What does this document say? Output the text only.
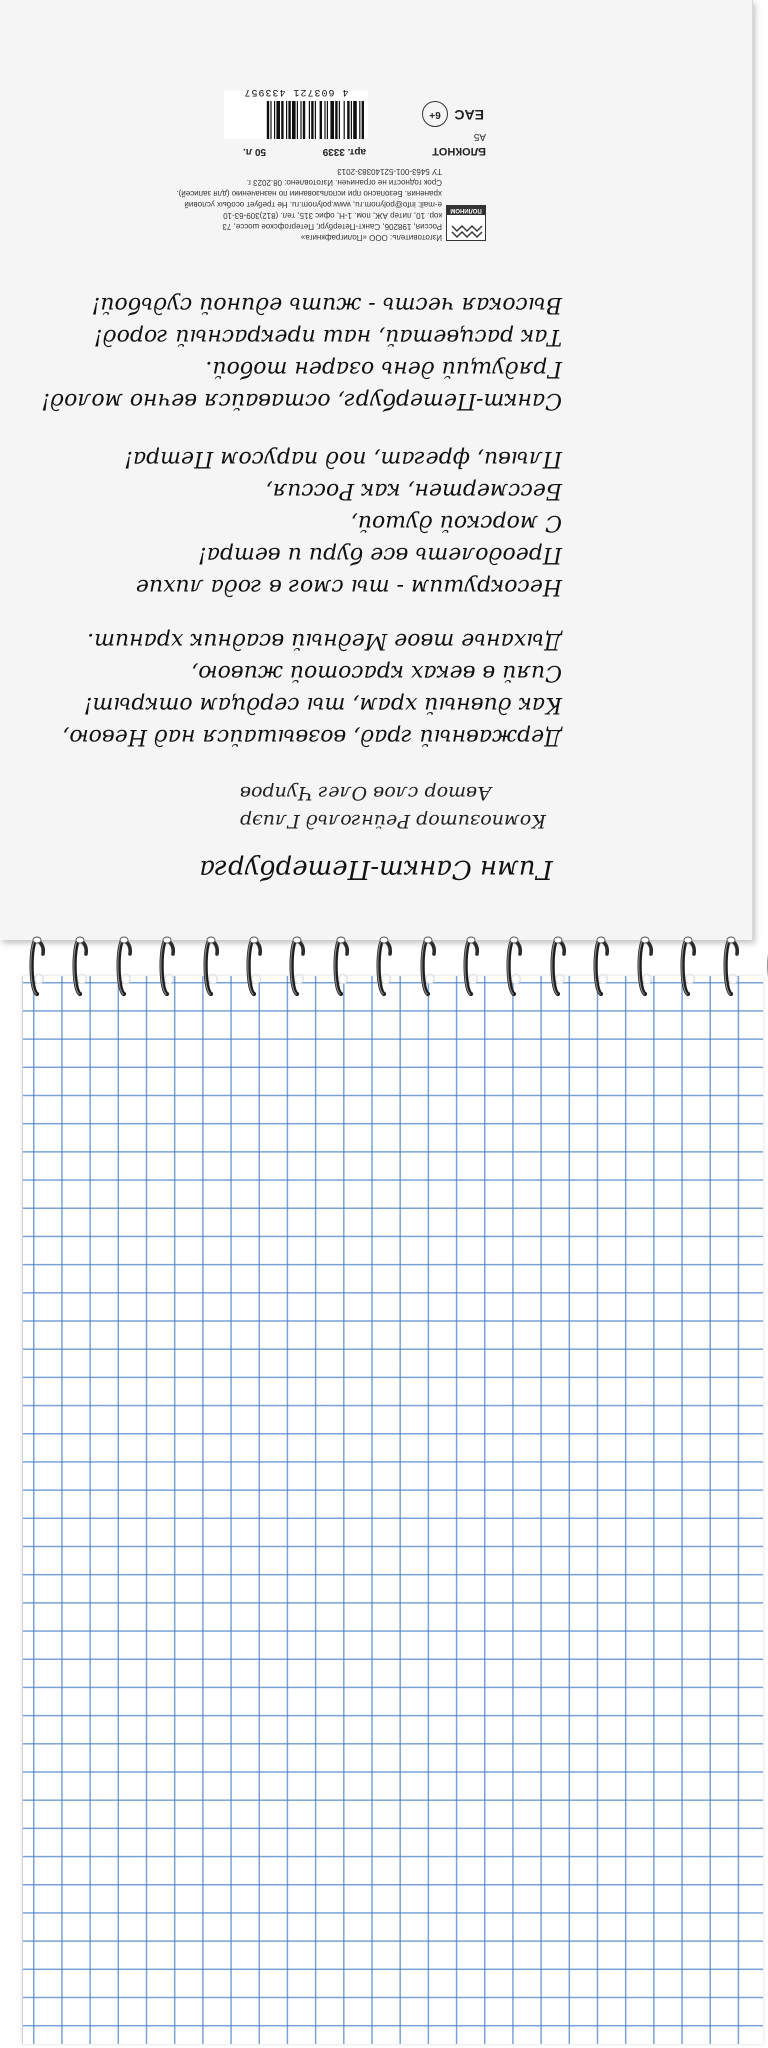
Гимн Санкт-Петербурга
Композитор Рейнгольд Глиэр
Автор слов Олег Чупров
Державный град, возвышайся над Невою,
Как дивный храм, ты сердцам открыт!
Сияй в веках красотой живою,
Дыханье твое Медный всадник хранит.
Несокрушим - ты смог в года лихие
Преодолеть все бури и ветра!
С морской душой,
Бессмертен, как Россия,
Плыви, фрегат, под парусом Петра!
Санкт-Петербург, оставайся вечно молод!
Грядущий день озарен тобой.
Так расцветай, наш прекрасный город!
Высокая честь - жить единой судьбой!
ПОЛИНОМ
Изготовитель: ООО «Полиграфкнига»
Россия, 198206, Санкт-Петербург, Петергофское шоссе, 73
кор. 10, литер АЖ, пом. 1-Н, офис 315, тел. (812)309-63-10
e-mail: info@polynom.ru, www.polynom.ru. Не требует особых условий
хранения. Безопасно при использовании по назначению (для записей).
Срок годности не ограничен. Изготовлено: 08.2023 г.
ТУ 5463-001-52140383-2013
БЛОКНОТ
А5
арт. 3339
50 л.
EAC
6+
4 603721 433957
